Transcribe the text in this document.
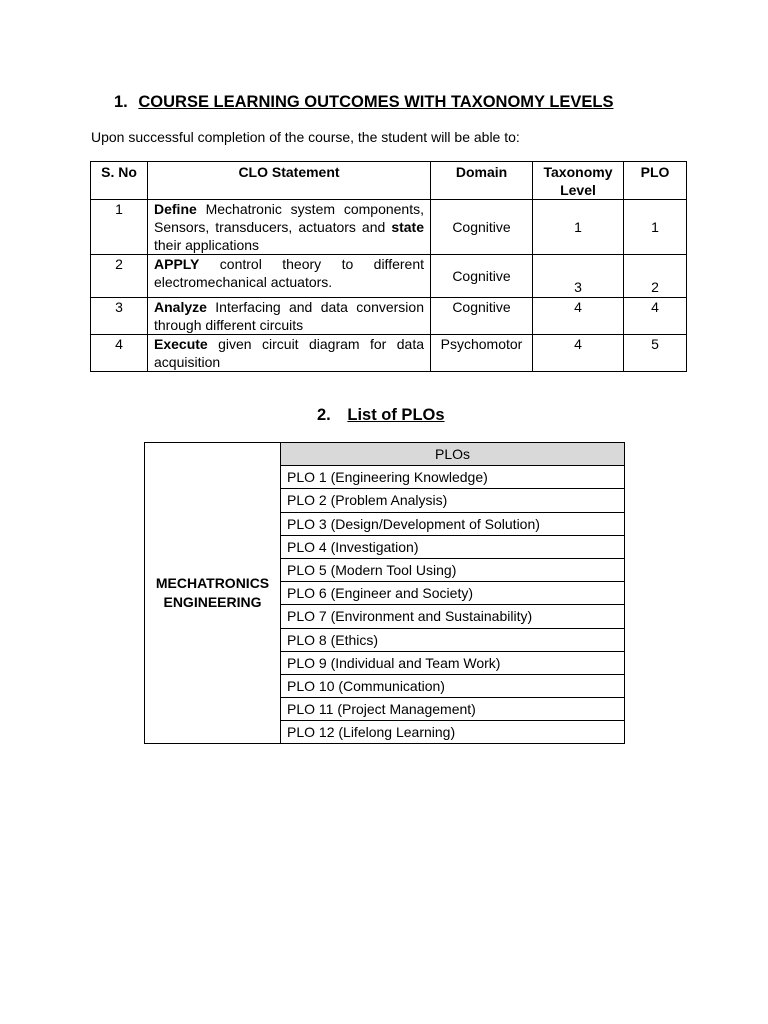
1. COURSE LEARNING OUTCOMES WITH TAXONOMY LEVELS
Upon successful completion of the course, the student will be able to:
S. No	CLO Statement	Domain	Taxonomy Level	PLO
1	Define Mechatronic system components, Sensors, transducers, actuators and state their applications	Cognitive	1	1
2	APPLY control theory to different electromechanical actuators.	Cognitive	3	2
3	Analyze Interfacing and data conversion through different circuits	Cognitive	4	4
4	Execute given circuit diagram for data acquisition	Psychomotor	4	5
2. List of PLOs
MECHATRONICS
ENGINEERING
	PLOs
PLO 1 (Engineering Knowledge)
PLO 2 (Problem Analysis)
PLO 3 (Design/Development of Solution)
PLO 4 (Investigation)
PLO 5 (Modern Tool Using)
PLO 6 (Engineer and Society)
PLO 7 (Environment and Sustainability)
PLO 8 (Ethics)
PLO 9 (Individual and Team Work)
PLO 10 (Communication)
PLO 11 (Project Management)
PLO 12 (Lifelong Learning)
